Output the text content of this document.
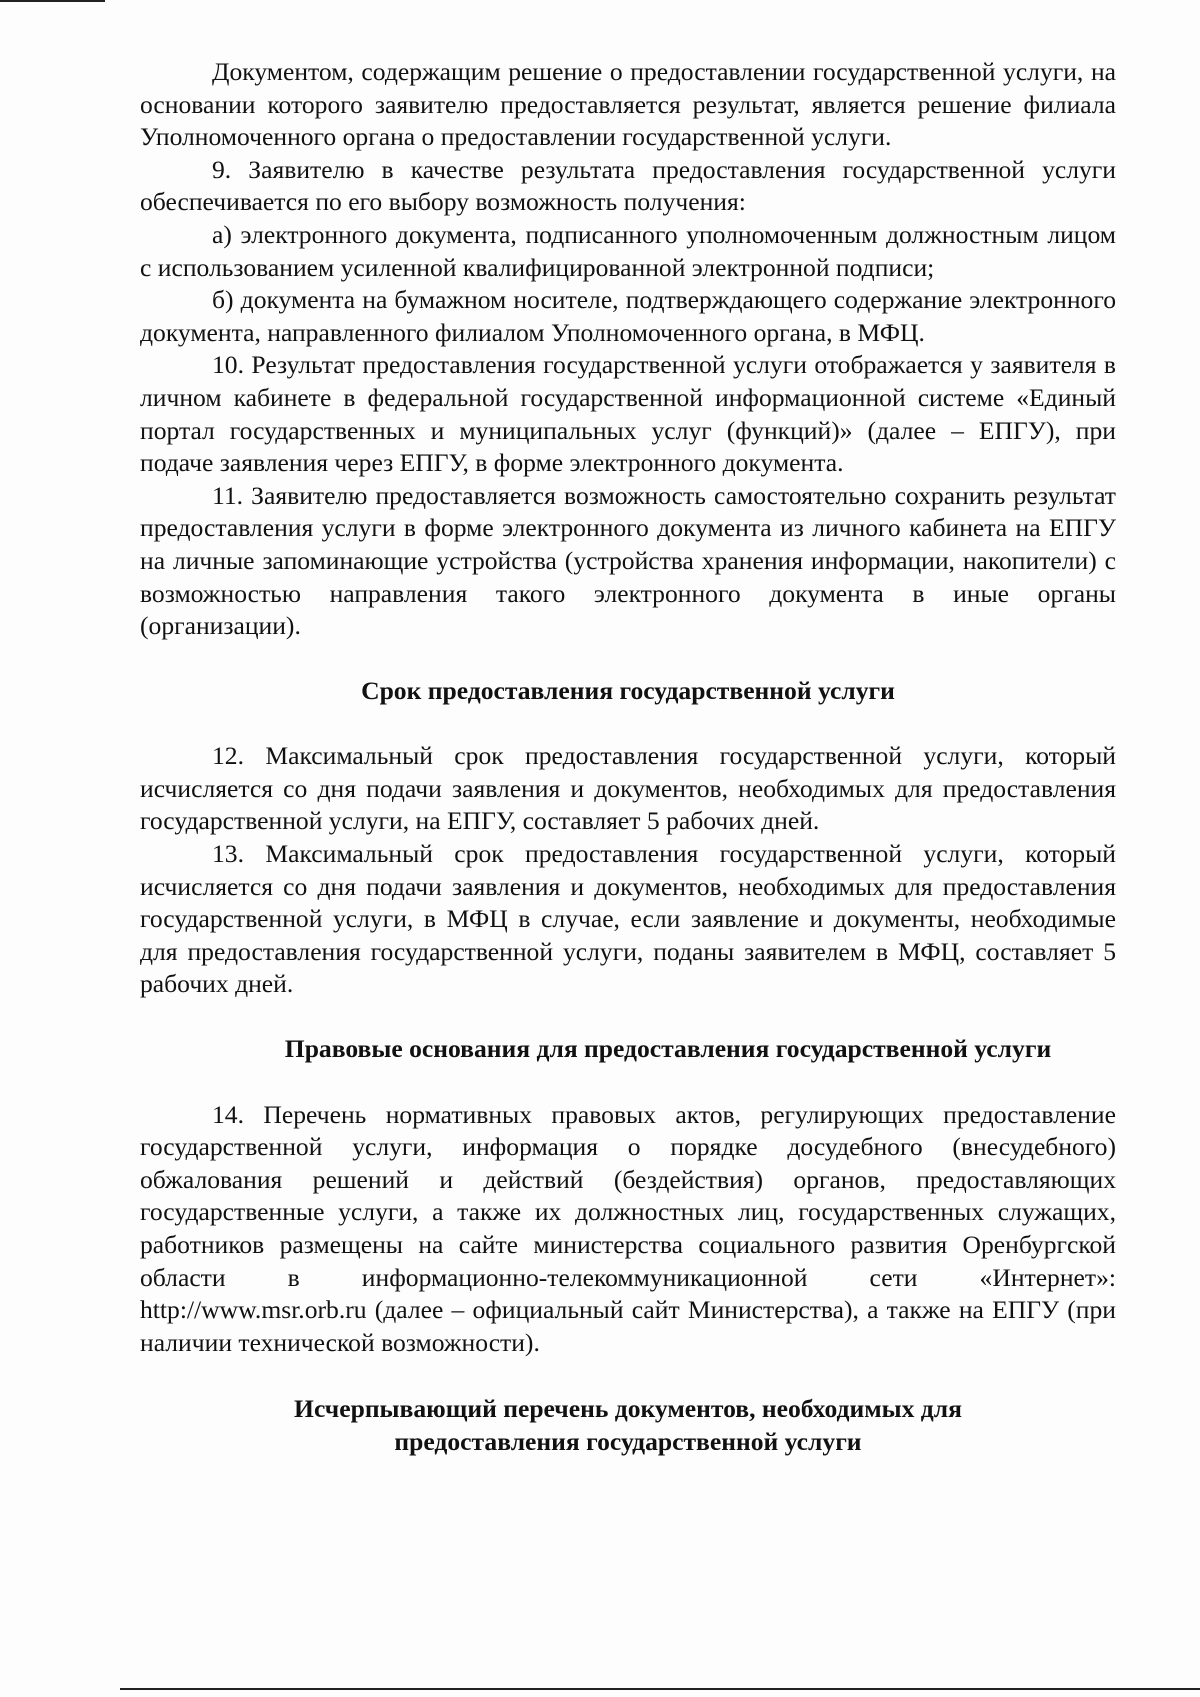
Документом, содержащим решение о предоставлении государственной услуги, на основании которого заявителю предоставляется результат, является решение филиала Уполномоченного органа о предоставлении государственной услуги.

9. Заявителю в качестве результата предоставления государственной услуги обеспечивается по его выбору возможность получения:

а) электронного документа, подписанного уполномоченным должностным лицом с использованием усиленной квалифицированной электронной подписи;

б) документа на бумажном носителе, подтверждающего содержание электронного документа, направленного филиалом Уполномоченного органа, в МФЦ.

10. Результат предоставления государственной услуги отображается у заявителя в личном кабинете в федеральной государственной информационной системе «Единый портал государственных и муниципальных услуг (функций)» (далее – ЕПГУ), при подаче заявления через ЕПГУ, в форме электронного документа.

11. Заявителю предоставляется возможность самостоятельно сохранить результат предоставления услуги в форме электронного документа из личного кабинета на ЕПГУ на личные запоминающие устройства (устройства хранения информации, накопители) с возможностью направления такого электронного документа в иные органы (организации).

Срок предоставления государственной услуги

12. Максимальный срок предоставления государственной услуги, который исчисляется со дня подачи заявления и документов, необходимых для предоставления государственной услуги, на ЕПГУ, составляет 5 рабочих дней.

13. Максимальный срок предоставления государственной услуги, который исчисляется со дня подачи заявления и документов, необходимых для предоставления государственной услуги, в МФЦ в случае, если заявление и документы, необходимые для предоставления государственной услуги, поданы заявителем в МФЦ, составляет 5 рабочих дней.

Правовые основания для предоставления государственной услуги

14. Перечень нормативных правовых актов, регулирующих предоставление государственной услуги, информация о порядке досудебного (внесудебного) обжалования решений и действий (бездействия) органов, предоставляющих государственные услуги, а также их должностных лиц, государственных служащих, работников размещены на сайте министерства социального развития Оренбургской области в информационно-телекоммуникационной сети «Интернет»: http://www.msr.orb.ru (далее – официальный сайт Министерства), а также на ЕПГУ (при наличии технической возможности).

Исчерпывающий перечень документов, необходимых для
предоставления государственной услуги
